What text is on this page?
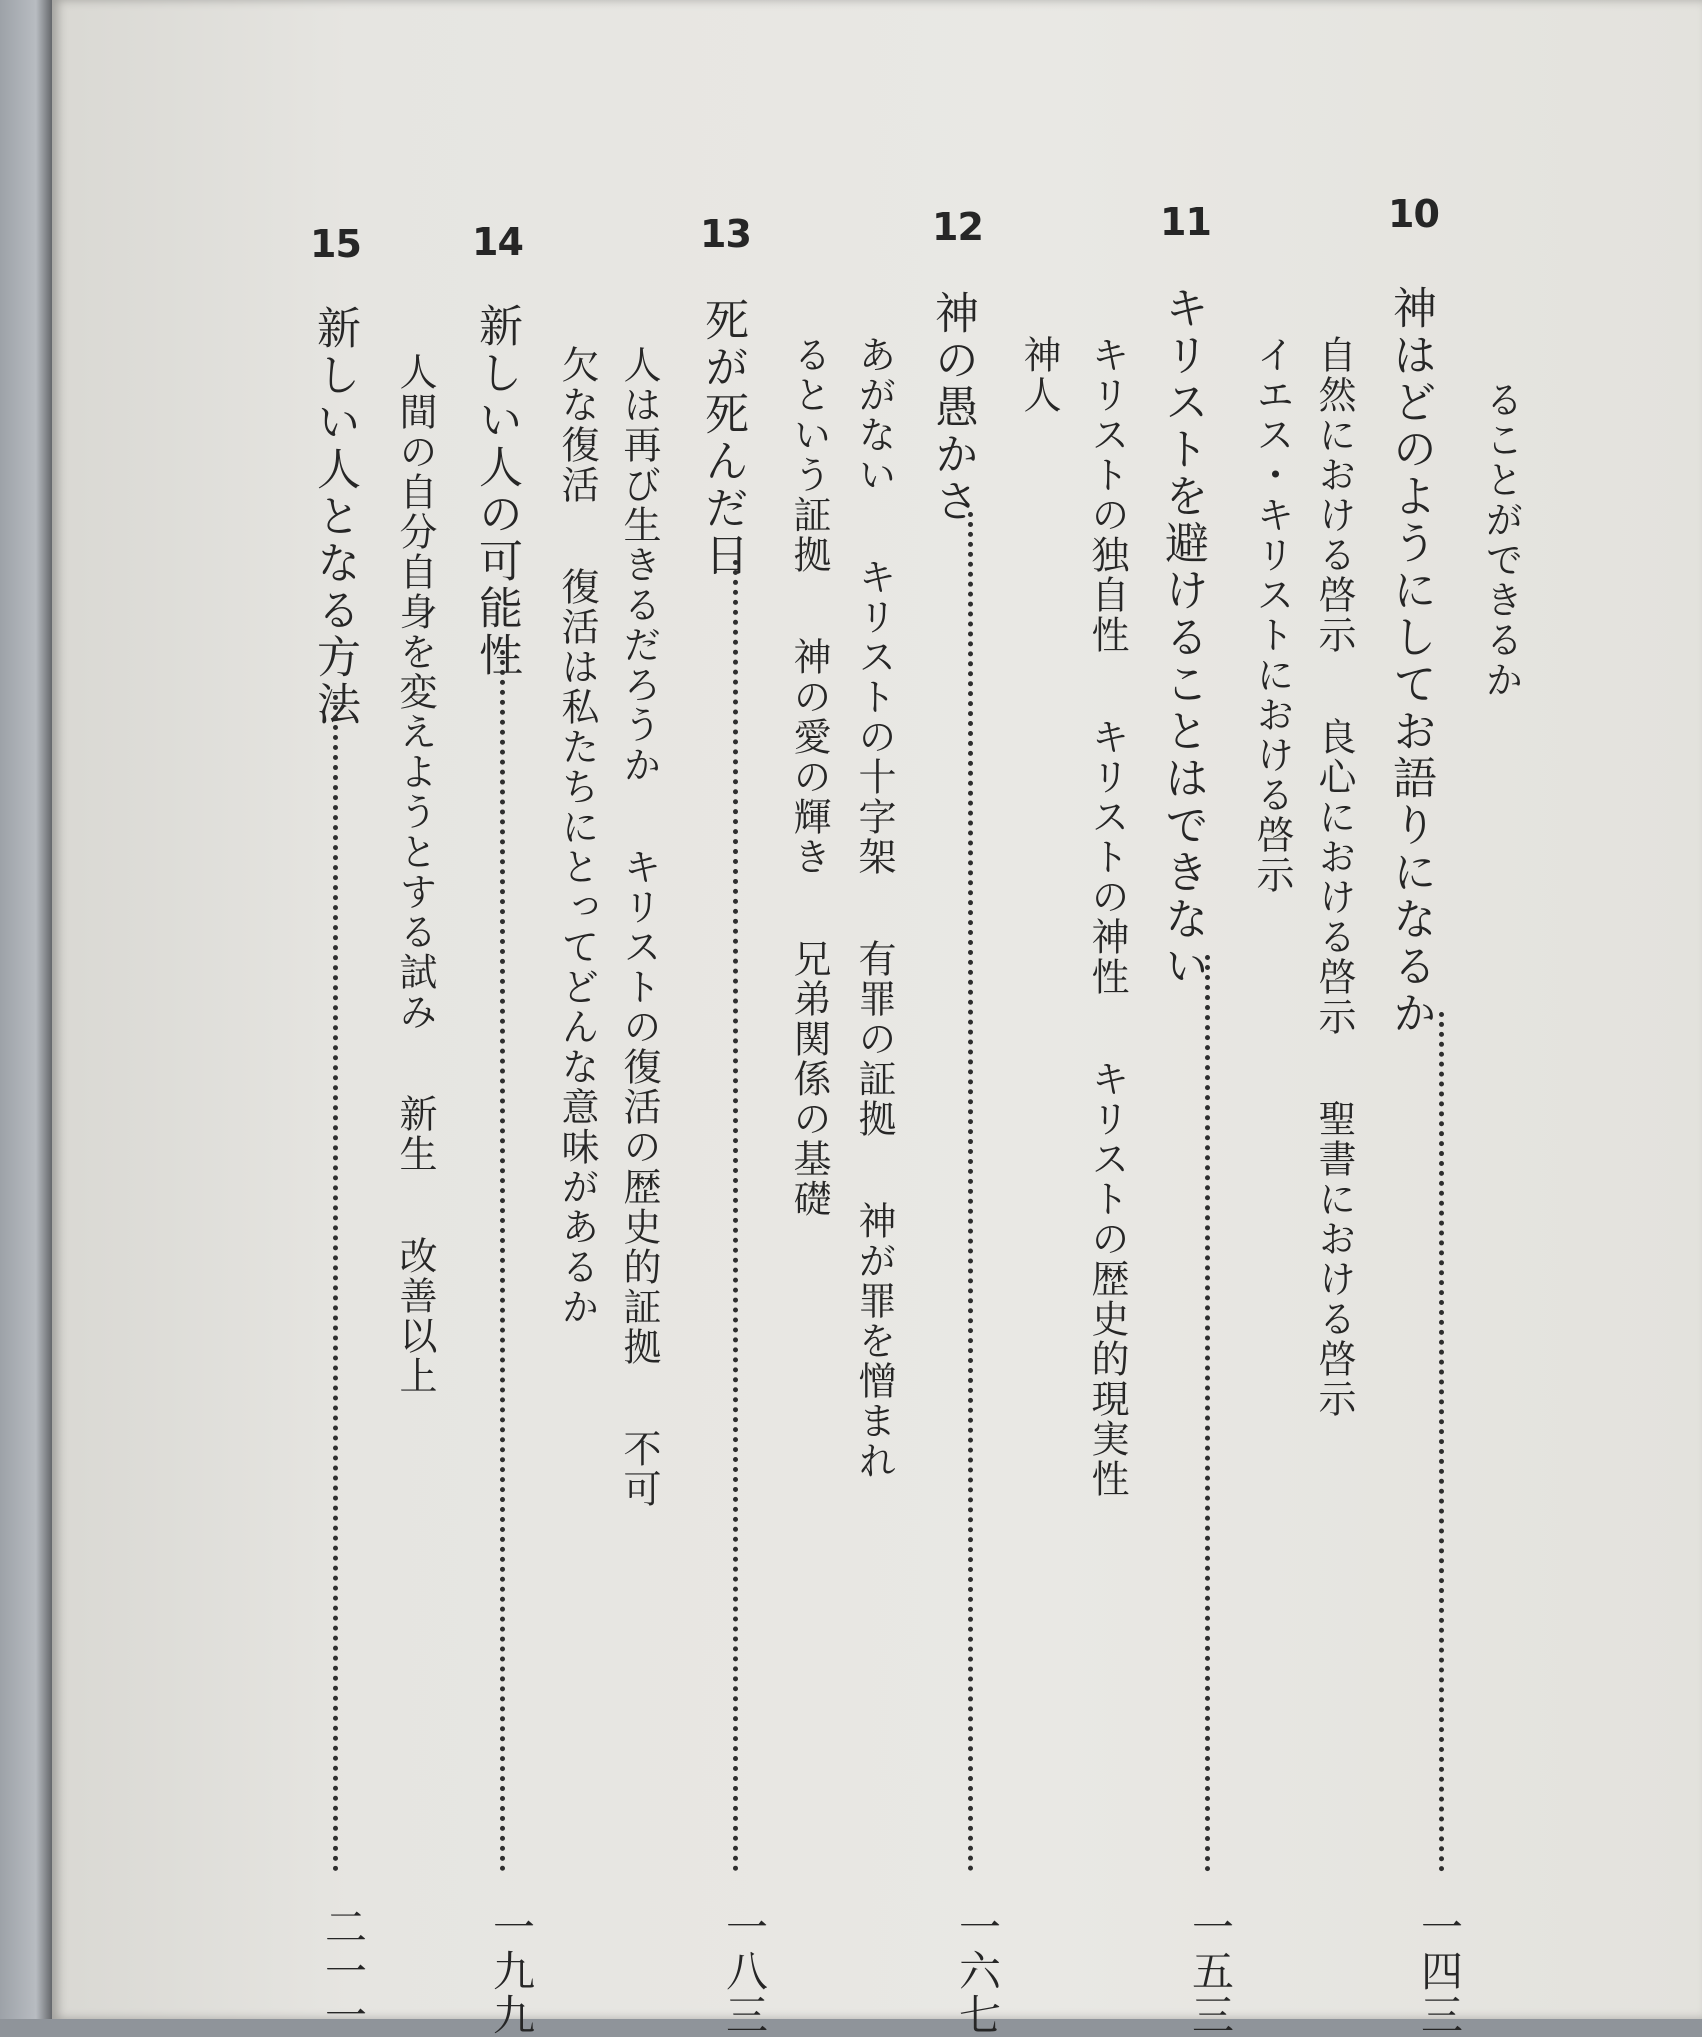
ることができるか
10
神はどのようにしてお語りになるか
一四三
自然における啓示良心における啓示聖書における啓示
イエス・キリストにおける啓示
11
キリストを避けることはできない
一五三
キリストの独自性キリストの神性キリストの歴史的現実性
神人
12
神の愚かさ
一六七
あがないキリストの十字架有罪の証拠神が罪を憎まれ
るという証拠神の愛の輝き兄弟関係の基礎
13
死が死んだ日
一八三
人は再び生きるだろうかキリストの復活の歴史的証拠不可
欠な復活復活は私たちにとってどんな意味があるか
14
新しい人の可能性
一九九
人間の自分自身を変えようとする試み新生改善以上
15
新しい人となる方法
二一一
